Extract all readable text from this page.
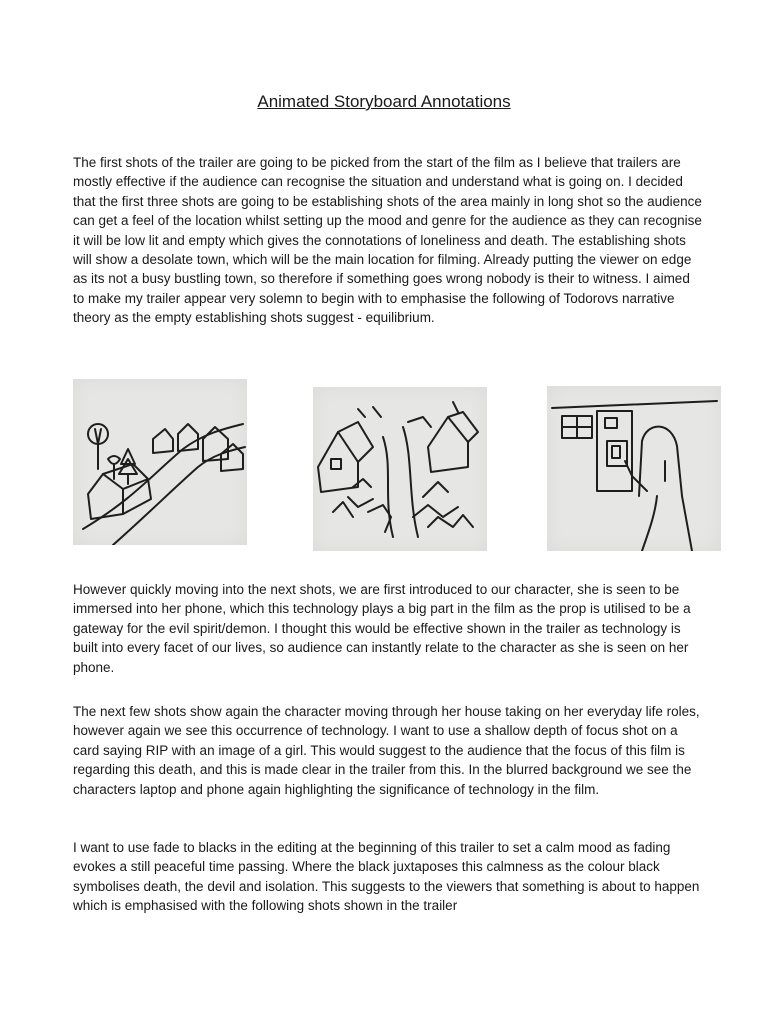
Animated Storyboard Annotations

The first shots of the trailer are going to be picked from the start of the film as I believe that trailers are mostly effective if the audience can recognise the situation and understand what is going on. I decided that the first three shots are going to be establishing shots of the area mainly in long shot so the audience can get a feel of the location whilst setting up the mood and genre for the audience as they can recognise it will be low lit and empty which gives the connotations of loneliness and death. The establishing shots will show a desolate town, which will be the main location for filming. Already putting the viewer on edge as its not a busy bustling town, so therefore if something goes wrong nobody is their to witness. I aimed to make my trailer appear very solemn to begin with to emphasise the following of Todorovs narrative theory as the empty establishing shots suggest - equilibrium.

However quickly moving into the next shots, we are first introduced to our character, she is seen to be immersed into her phone, which this technology plays a big part in the film as the prop is utilised to be a gateway for the evil spirit/demon. I thought this would be effective shown in the trailer as technology is built into every facet of our lives, so audience can instantly relate to the character as she is seen on her phone.

The next few shots show again the character moving through her house taking on her everyday life roles, however again we see this occurrence of technology. I want to use a shallow depth of focus shot on a card saying RIP with an image of a girl. This would suggest to the audience that the focus of this film is regarding this death, and this is made clear in the trailer from this. In the blurred background we see the characters laptop and phone again highlighting the significance of technology in the film.

I want to use fade to blacks in the editing at the beginning of this trailer to set a calm mood as fading evokes a still peaceful time passing. Where the black juxtaposes this calmness as the colour black symbolises death, the devil and isolation. This suggests to the viewers that something is about to happen which is emphasised with the following shots shown in the trailer
